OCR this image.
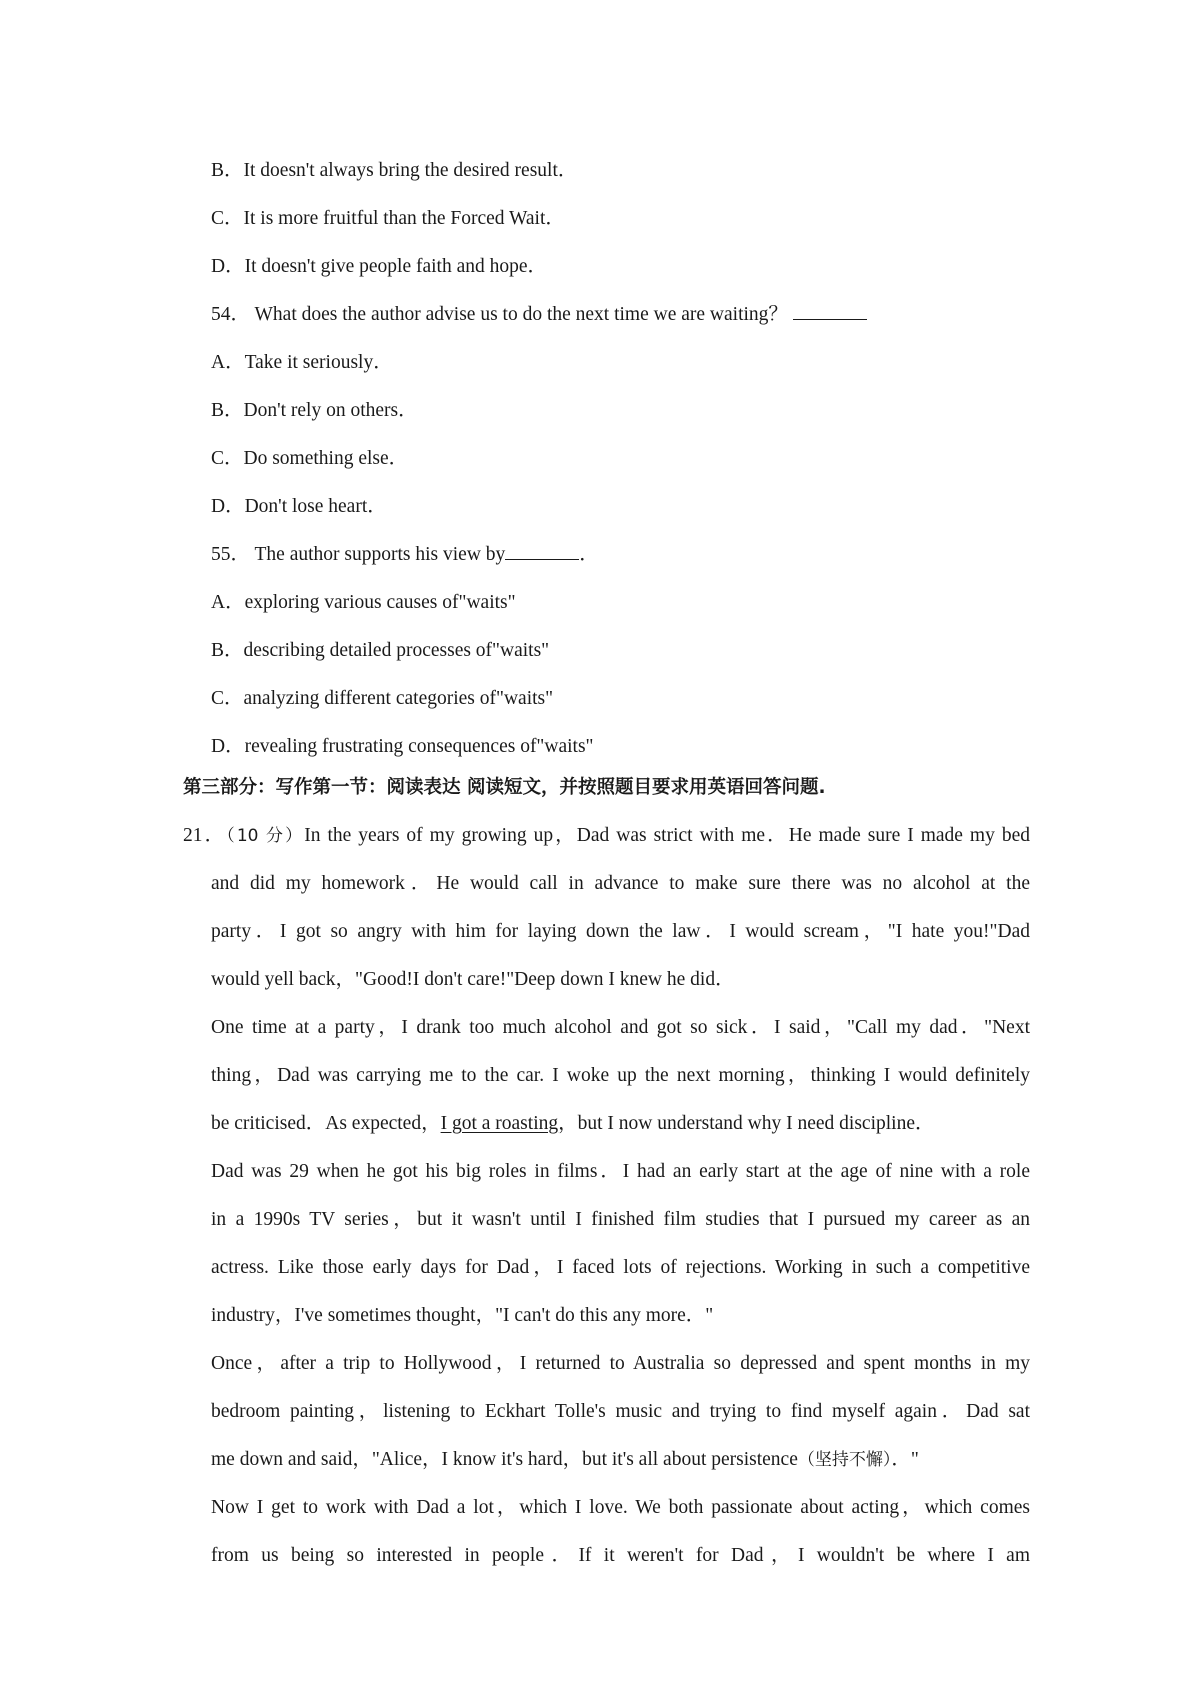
B．It doesn't always bring the desired result．
C．It is more fruitful than the Forced Wait．
D．It doesn't give people faith and hope．
54． What does the author advise us to do the next time we are waiting？
A．Take it seriously．
B．Don't rely on others．
C．Do something else．
D．Don't lose heart．
55． The author supports his view by	．
A．exploring various causes of"waits"
B．describing detailed processes of"waits"
C．analyzing different categories of"waits"
D．revealing frustrating consequences of"waits"
第三部分：写作第一节：阅读表达 阅读短文，并按照题目要求用英语回答问题.
21．（10 分）In the years of my growing up，Dad was strict with me．He made sure I made my bed
and did my homework．He would call in advance to make sure there was no alcohol at the
party．I got so angry with him for laying down the law．I would scream，"I hate you!"Dad
would yell back，"Good!I don't care!"Deep down I knew he did．
One time at a party，I drank too much alcohol and got so sick．I said，"Call my dad．"Next
thing，Dad was carrying me to the car. I woke up the next morning，thinking I would definitely
be criticised．As expected，I got a roasting，but I now understand why I need discipline．
Dad was 29 when he got his big roles in films．I had an early start at the age of nine with a role
in a 1990s TV series，but it wasn't until I finished film studies that I pursued my career as an
actress. Like those early days for Dad，I faced lots of rejections. Working in such a competitive
industry，I've sometimes thought，"I can't do this any more．"
Once，after a trip to Hollywood，I returned to Australia so depressed and spent months in my
bedroom painting，listening to Eckhart Tolle's music and trying to find myself again．Dad sat
me down and said，"Alice，I know it's hard，but it's all about persistence（坚持不懈）．"
Now I get to work with Dad a lot，which I love. We both passionate about acting，which comes
from us being so interested in people．If it weren't for Dad，I wouldn't be where I am
